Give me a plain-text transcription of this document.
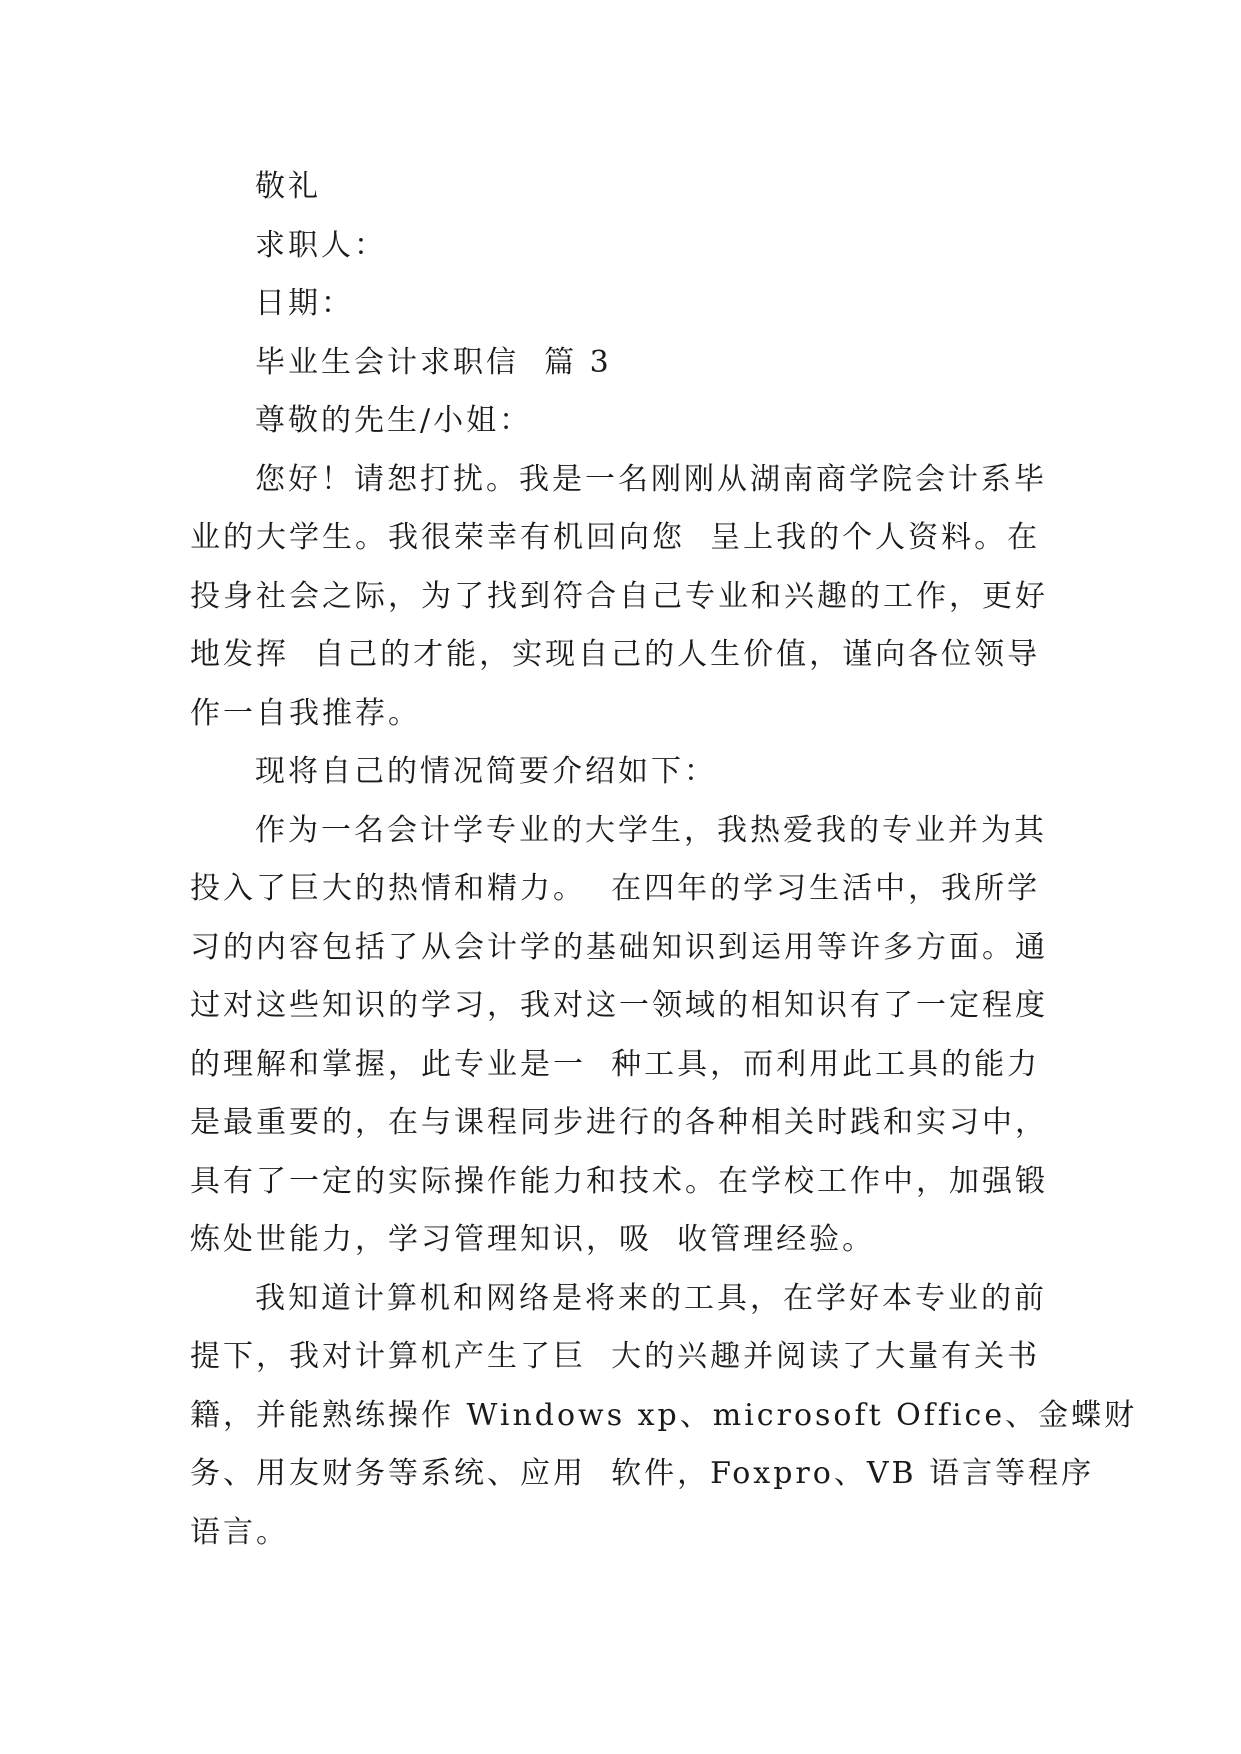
敬礼
求职人：
日期：
毕业生会计求职信  篇 3
尊敬的先生/小姐：
您好！请恕打扰。我是一名刚刚从湖南商学院会计系毕
业的大学生。我很荣幸有机回向您  呈上我的个人资料。在
投身社会之际，为了找到符合自己专业和兴趣的工作，更好
地发挥  自己的才能，实现自己的人生价值，谨向各位领导
作一自我推荐。
现将自己的情况简要介绍如下：
作为一名会计学专业的大学生，我热爱我的专业并为其
投入了巨大的热情和精力。  在四年的学习生活中，我所学
习的内容包括了从会计学的基础知识到运用等许多方面。通
过对这些知识的学习，我对这一领域的相知识有了一定程度
的理解和掌握，此专业是一  种工具，而利用此工具的能力
是最重要的，在与课程同步进行的各种相关时践和实习中，
具有了一定的实际操作能力和技术。在学校工作中，加强锻
炼处世能力，学习管理知识，吸  收管理经验。
我知道计算机和网络是将来的工具，在学好本专业的前
提下，我对计算机产生了巨  大的兴趣并阅读了大量有关书
籍，并能熟练操作 Windows xp、microsoft Office、金蝶财
务、用友财务等系统、应用  软件，Foxpro、VB 语言等程序
语言。
